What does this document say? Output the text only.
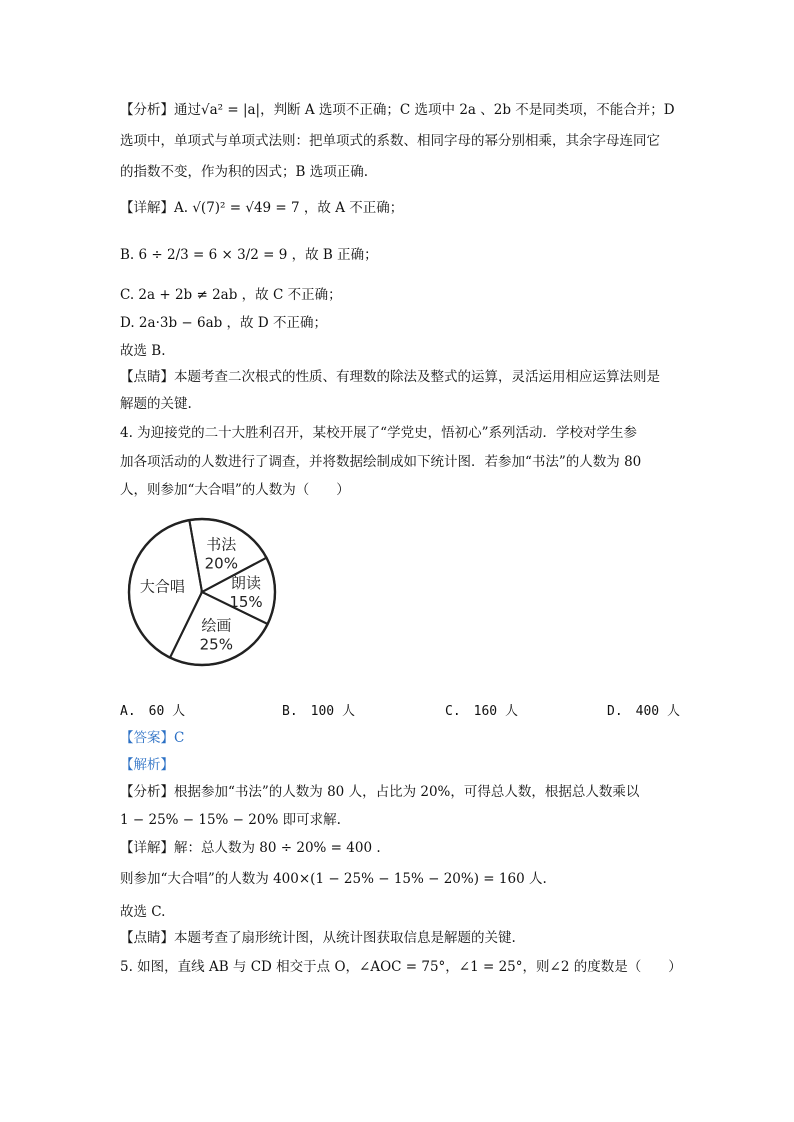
【分析】通过√a² = |a|，判断 A 选项不正确；C 选项中 2a 、2b 不是同类项，不能合并；D
选项中，单项式与单项式法则：把单项式的系数、相同字母的幂分别相乘，其余字母连同它
的指数不变，作为积的因式；B 选项正确.
【详解】A. √(7)² = √49 = 7 ，故 A 不正确；
B. 6 ÷ 2/3 = 6 × 3/2 = 9 ，故 B 正确；
C. 2a + 2b ≠ 2ab ，故 C 不正确；
D. 2a·3b − 6ab ，故 D 不正确；
故选 B.
【点睛】本题考查二次根式的性质、有理数的除法及整式的运算，灵活运用相应运算法则是
解题的关键.
4. 为迎接党的二十大胜利召开，某校开展了“学党史，悟初心”系列活动．学校对学生参
加各项活动的人数进行了调查，并将数据绘制成如下统计图．若参加“书法”的人数为 80
人，则参加“大合唱”的人数为（　　）
书法
20%
朗读
15%
绘画
25%
大合唱
A.　60 人	B.　100 人	C.　160 人	D.　400 人
【答案】C
【解析】
【分析】根据参加“书法”的人数为 80 人，占比为 20%，可得总人数，根据总人数乘以
1 − 25% − 15% − 20% 即可求解.
【详解】解：总人数为 80 ÷ 20% = 400 .
则参加“大合唱”的人数为 400×(1 − 25% − 15% − 20%) = 160 人.
故选 C.
【点睛】本题考查了扇形统计图，从统计图获取信息是解题的关键.
5. 如图，直线 AB 与 CD 相交于点 O，∠AOC = 75°，∠1 = 25°，则∠2 的度数是（　　）
